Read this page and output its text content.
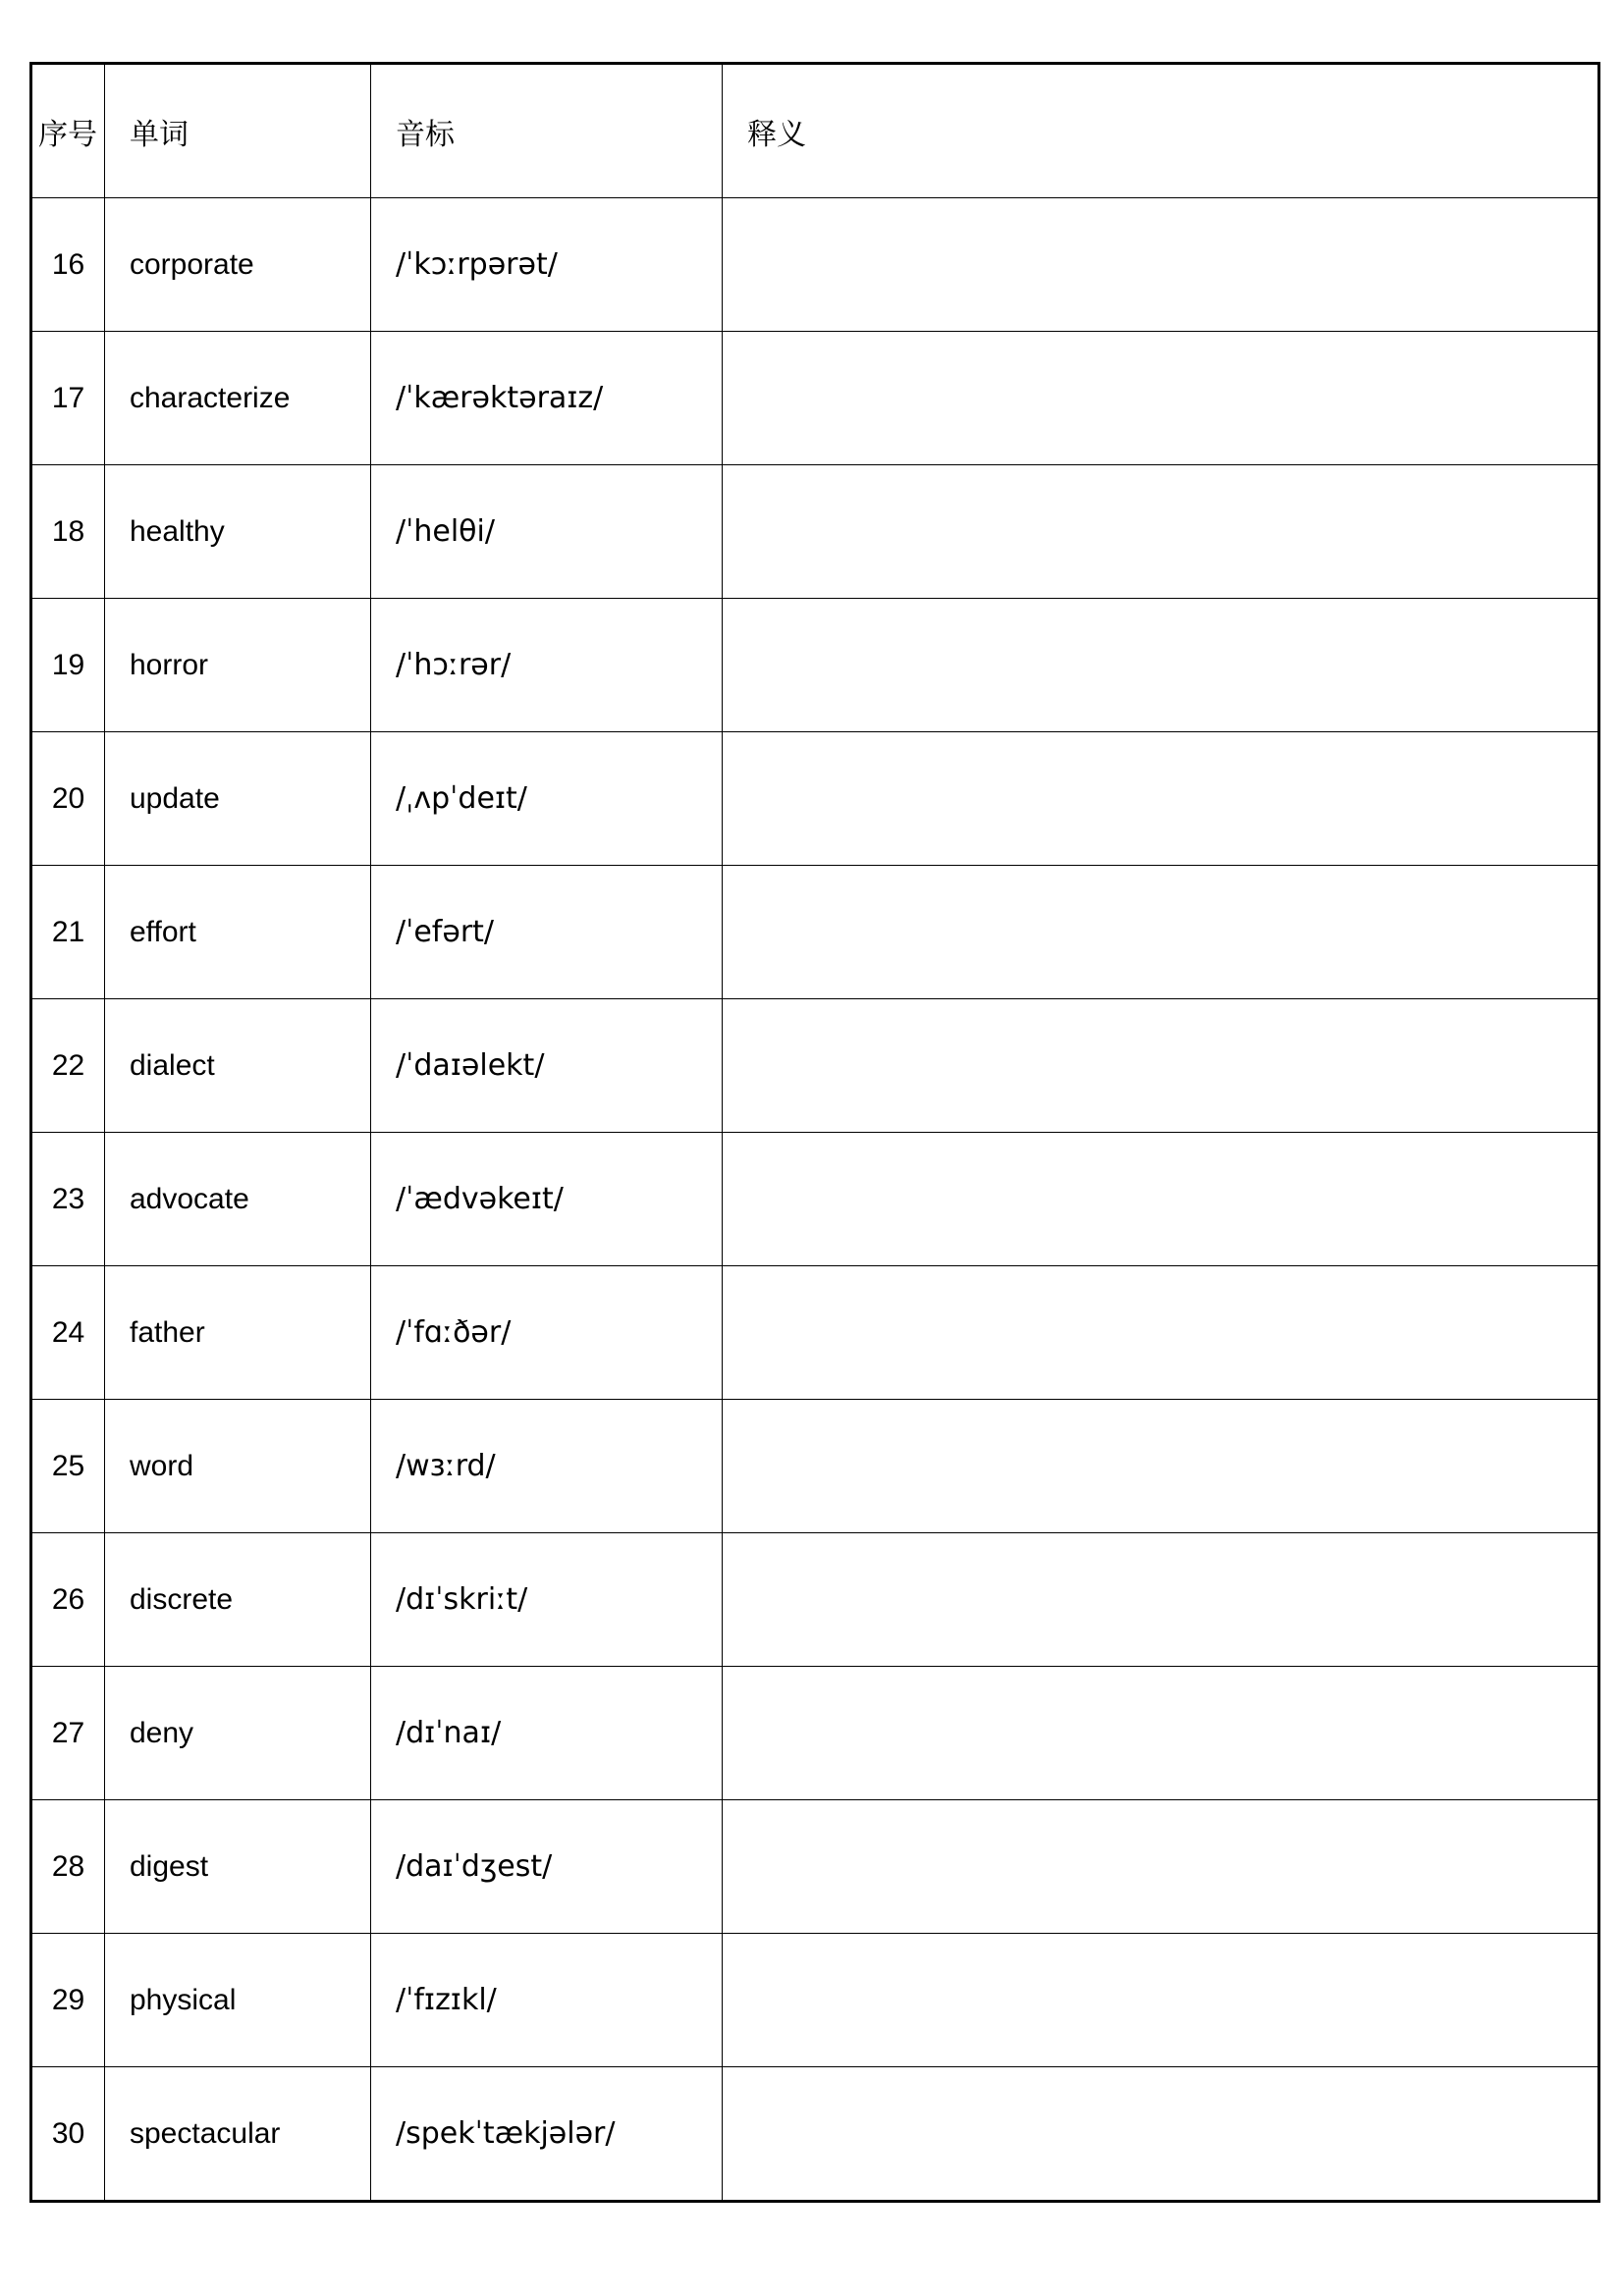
序号	单词	音标	释义
16	corporate	/ˈkɔːrpərət/	
17	characterize	/ˈkærəktəraɪz/	
18	healthy	/ˈhelθi/	
19	horror	/ˈhɔːrər/	
20	update	/ˌʌpˈdeɪt/	
21	effort	/ˈefərt/	
22	dialect	/ˈdaɪəlekt/	
23	advocate	/ˈædvəkeɪt/	
24	father	/ˈfɑːðər/	
25	word	/wɜːrd/	
26	discrete	/dɪˈskriːt/	
27	deny	/dɪˈnaɪ/	
28	digest	/daɪˈdʒest/	
29	physical	/ˈfɪzɪkl/	
30	spectacular	/spekˈtækjələr/	
